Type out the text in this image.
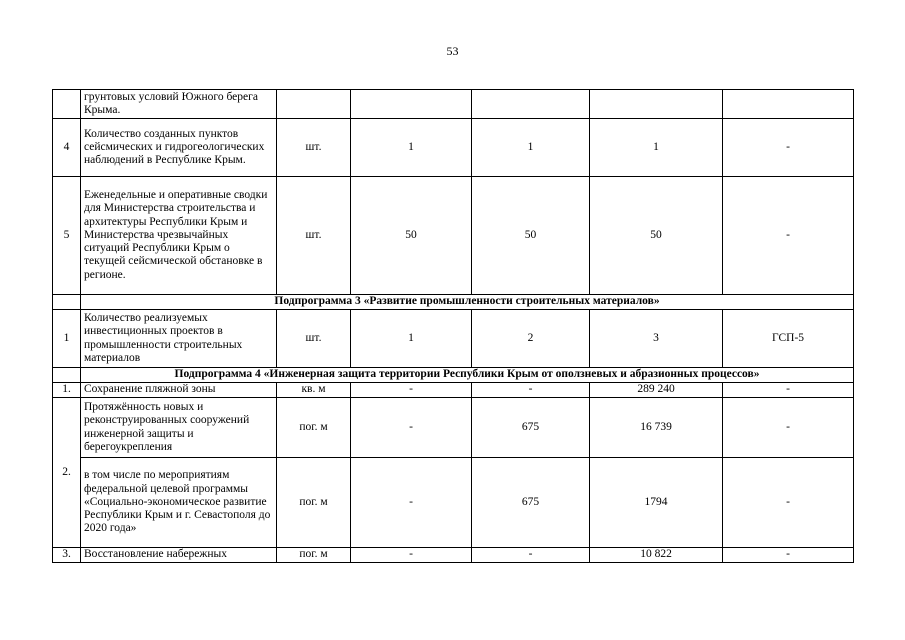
53
	грунтовых условий Южного берега Крыма.					
4	Количество созданных пунктов сейсмических и гидрогеологических наблюдений в Республике Крым.	шт.	1	1	1	-
5	Еженедельные и оперативные сводки для Министерства строительства и архитектуры Республики Крым и Министерства чрезвычайных ситуаций Республики Крым о текущей сейсмической обстановке в регионе.	шт.	50	50	50	-
	Подпрограмма 3 «Развитие промышленности строительных материалов»					
1	Количество реализуемых инвестиционных проектов в промышленности строительных материалов	шт.	1	2	3	ГСП-5
	Подпрограмма 4 «Инженерная защита территории Республики Крым от оползневых и абразионных процессов»					
1.	Сохранение пляжной зоны	кв. м	-	-	289 240	-
2.	Протяжённость новых и реконструированных сооружений инженерной защиты и берегоукрепления	пог. м	-	675	16 739	-
	в том числе по мероприятиям федеральной целевой программы «Социально-экономическое развитие Республики Крым и г. Севастополя до 2020 года»	пог. м	-	675	1794	-
3.	Восстановление набережных	пог. м	-	-	10 822	-
